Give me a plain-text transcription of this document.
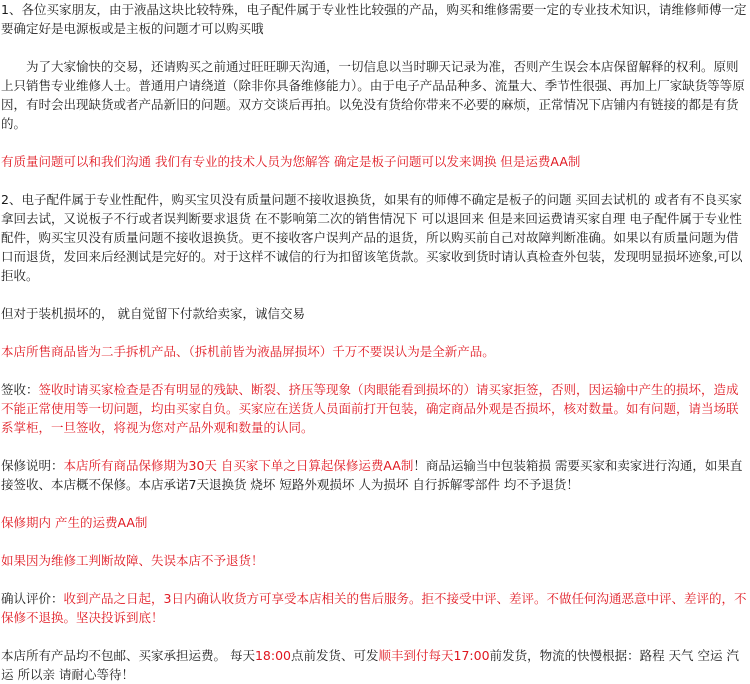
1、各位买家朋友，由于液晶这块比较特殊，电子配件属于专业性比较强的产品，购买和维修需要一定的专业技术知识，请维修师傅一定要确定好是电源板或是主板的问题才可以购买哦

为了大家愉快的交易，还请购买之前通过旺旺聊天沟通，一切信息以当时聊天记录为准，否则产生误会本店保留解释的权利。原则上只销售专业维修人士。普通用户请绕道（除非你具备维修能力）。由于电子产品品种多、流量大、季节性很强、再加上厂家缺货等等原因，有时会出现缺货或者产品新旧的问题。双方交谈后再拍。以免没有货给你带来不必要的麻烦，正常情况下店铺内有链接的都是有货的。

有质量问题可以和我们沟通 我们有专业的技术人员为您解答 确定是板子问题可以发来调换 但是运费AA制

2、电子配件属于专业性配件，购买宝贝没有质量问题不接收退换货，如果有的师傅不确定是板子的问题 买回去试机的 或者有不良买家拿回去试，又说板子不行或者误判断要求退货 在不影响第二次的销售情况下 可以退回来 但是来回运费请买家自理 电子配件属于专业性配件，购买宝贝没有质量问题不接收退换货。更不接收客户误判产品的退货，所以购买前自己对故障判断准确。如果以有质量问题为借口而退货，发回来后经测试是完好的。对于这样不诚信的行为扣留该笔货款。买家收到货时请认真检查外包装，发现明显损坏迹象,可以拒收。

但对于装机损坏的， 就自觉留下付款给卖家，诚信交易

本店所售商品皆为二手拆机产品、（拆机前皆为液晶屏损坏）千万不要误认为是全新产品。

签收：签收时请买家检查是否有明显的残缺、断裂、挤压等现象（肉眼能看到损坏的）请买家拒签，否则，因运输中产生的损坏，造成不能正常使用等一切问题，均由买家自负。买家应在送货人员面前打开包装，确定商品外观是否损坏，核对数量。如有问题，请当场联系掌柜，一旦签收，将视为您对产品外观和数量的认同。

保修说明：本店所有商品保修期为30天 自买家下单之日算起保修运费AA制！商品运输当中包装箱损 需要买家和卖家进行沟通，如果直接签收、本店概不保修。本店承诺7天退换货 烧坏 短路外观损坏 人为损坏 自行拆解零部件 均不予退货！

保修期内 产生的运费AA制

如果因为维修工判断故障、失误本店不予退货！

确认评价：收到产品之日起，3日内确认收货方可享受本店相关的售后服务。拒不接受中评、差评。不做任何沟通恶意中评、差评的，不保修不退换。坚决投诉到底！

本店所有产品均不包邮、买家承担运费。 每天18:00点前发货、可发顺丰到付每天17:00前发货，物流的快慢根据：路程 天气 空运 汽运 所以亲 请耐心等待！
